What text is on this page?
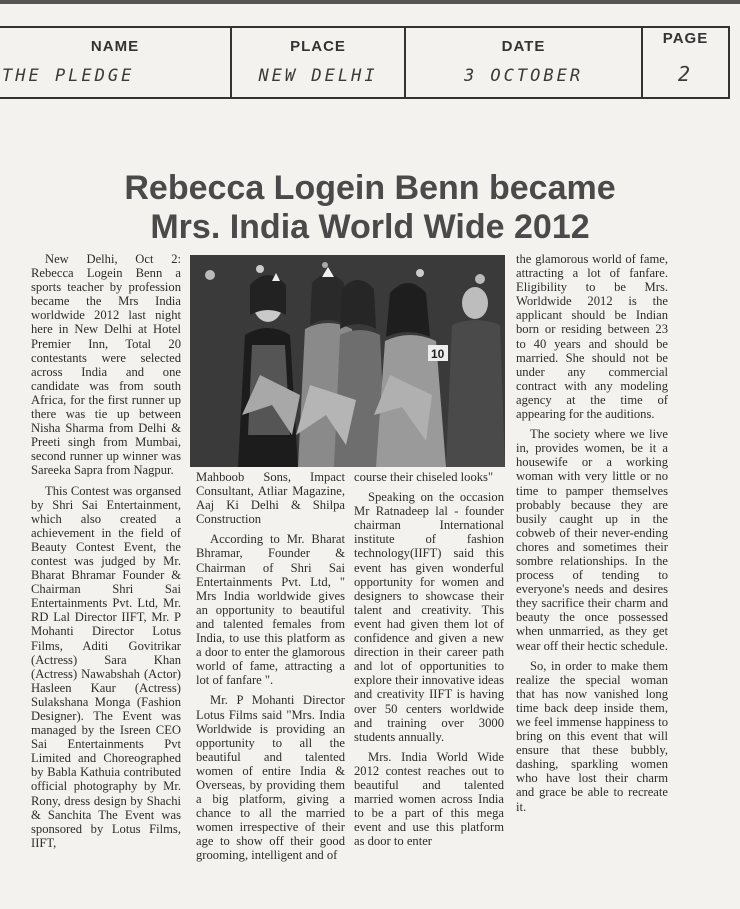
NAME
THE PLEDGE
PLACE
NEW DELHI
DATE
3 OCTOBER
PAGE
2
Rebecca Logein Benn became
Mrs. India World Wide 2012

New Delhi, Oct 2: Rebecca Logein Benn a sports teacher by profession became the Mrs India worldwide 2012 last night here in New Delhi at Hotel Premier Inn, Total 20 contestants were selected across India and one candidate was from south Africa, for the first runner up there was tie up between Nisha Sharma from Delhi & Preeti singh from Mumbai, second runner up winner was Sareeka Sapra from Nagpur.

This Contest was organsed by Shri Sai Entertainment, which also created a achievement in the field of Beauty Contest Event, the contest was judged by Mr. Bharat Bhramar Founder & Chairman Shri Sai Entertainments Pvt. Ltd, Mr. RD Lal Director IIFT, Mr. P Mohanti Director Lotus Films, Aditi Govitrikar (Actress) Sara Khan (Actress) Nawabshah (Actor) Hasleen Kaur (Actress) Sulakshana Monga (Fashion Designer). The Event was managed by the Isreen CEO Sai Entertainments Pvt Limited and Choreographed by Babla Kathuia contributed official photography by Mr. Rony, dress design by Shachi & Sanchita The Event was sponsored by Lotus Films, IIFT,

10

Mahboob Sons, Impact Consultant, Atliar Magazine, Aaj Ki Delhi & Shilpa Construction

According to Mr. Bharat Bhramar, Founder & Chairman of Shri Sai Entertainments Pvt. Ltd, " Mrs India worldwide gives an opportunity to beautiful and talented females from India, to use this platform as a door to enter the glamorous world of fame, attracting a lot of fanfare ".

Mr. P Mohanti Director Lotus Films said "Mrs. India Worldwide is providing an opportunity to all the beautiful and talented women of entire India & Overseas, by providing them a big platform, giving a chance to all the married women irrespective of their age to show off their good grooming, intelligent and of

course their chiseled looks"

Speaking on the occasion Mr Ratnadeep lal - founder chairman International institute of fashion technology(IIFT) said this event has given wonderful opportunity for women and designers to showcase their talent and creativity. This event had given them lot of confidence and given a new direction in their career path and lot of opportunities to explore their innovative ideas and creativity IIFT is having over 50 centers worldwide and training over 3000 students annually.

Mrs. India World Wide 2012 contest reaches out to beautiful and talented married women across India to be a part of this mega event and use this platform as door to enter

the glamorous world of fame, attracting a lot of fanfare. Eligibility to be Mrs. Worldwide 2012 is the applicant should be Indian born or residing between 23 to 40 years and should be married. She should not be under any commercial contract with any modeling agency at the time of appearing for the auditions.

The society where we live in, provides women, be it a housewife or a working woman with very little or no time to pamper themselves probably because they are busily caught up in the cobweb of their never-ending chores and sometimes their sombre relationships. In the process of tending to everyone's needs and desires they sacrifice their charm and beauty the once possessed when unmarried, as they get wear off their hectic schedule.

So, in order to make them realize the special woman that has now vanished long time back deep inside them, we feel immense happiness to bring on this event that will ensure that these bubbly, dashing, sparkling women who have lost their charm and grace be able to recreate it.
